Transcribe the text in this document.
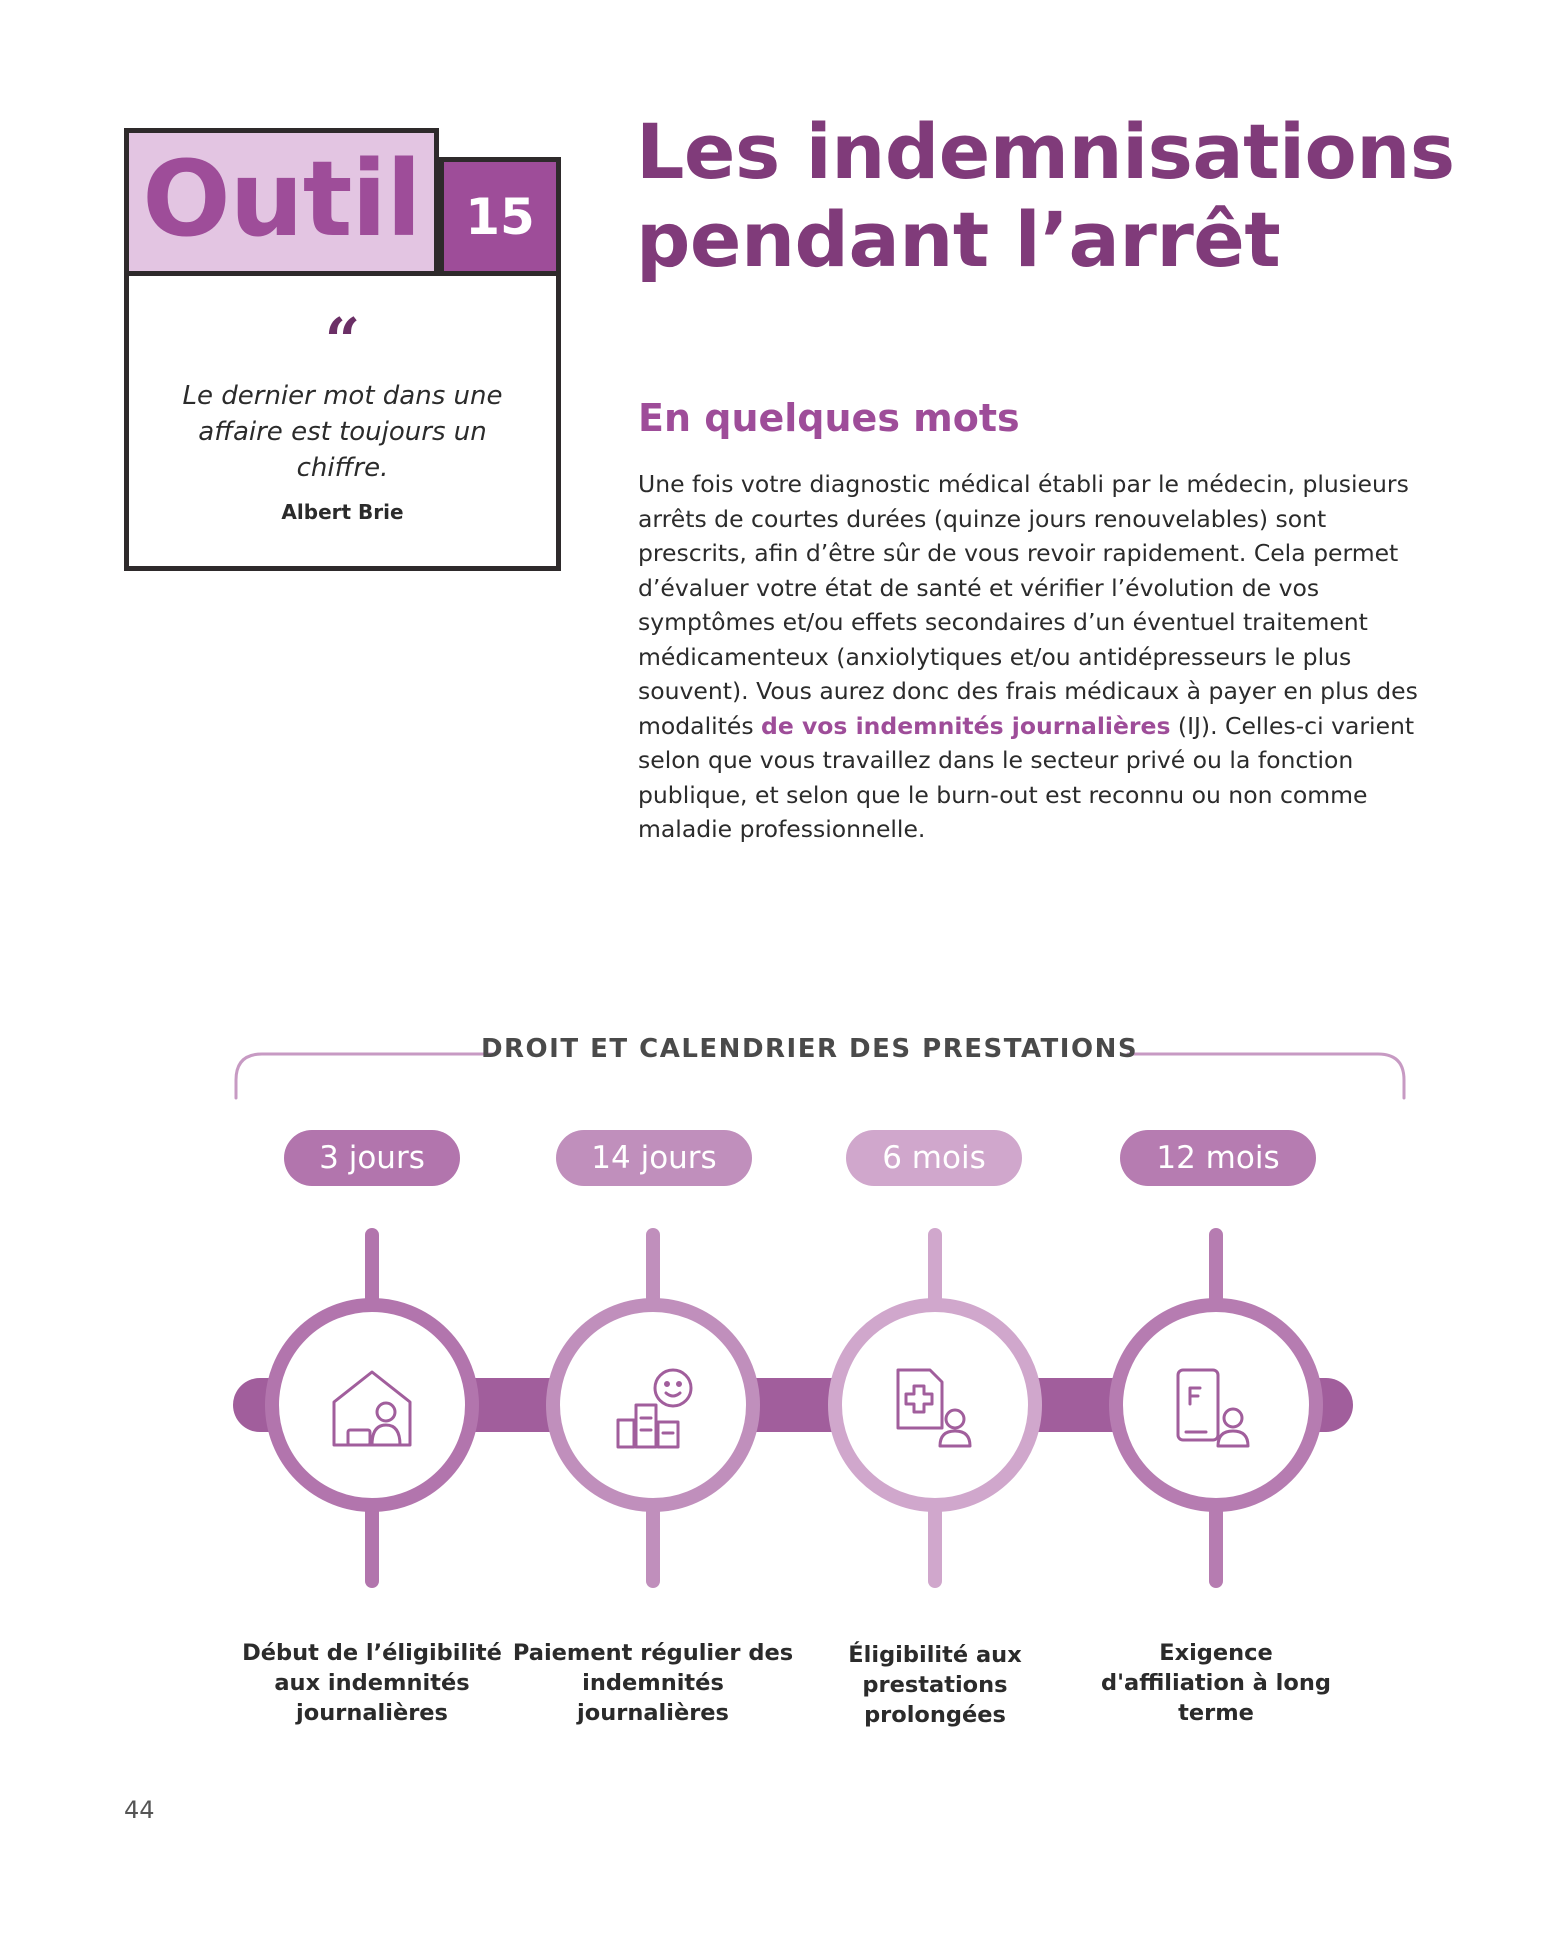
Outil 15
“
Le dernier mot dans une affaire est toujours un chiffre.
Albert Brie
Les indemnisations pendant l’arrêt
En quelques mots
Une fois votre diagnostic médical établi par le médecin, plusieurs arrêts de courtes durées (quinze jours renouvelables) sont prescrits, afin d’être sûr de vous revoir rapidement. Cela permet d’évaluer votre état de santé et vérifier l’évolution de vos symptômes et/ou effets secondaires d’un éventuel traitement médicamenteux (anxiolytiques et/ou antidépresseurs le plus souvent). Vous aurez donc des frais médicaux à payer en plus des modalités de vos indemnités journalières (IJ). Celles-ci varient selon que vous travaillez dans le secteur privé ou la fonction publique, et selon que le burn-out est reconnu ou non comme maladie professionnelle.
DROIT ET CALENDRIER DES PRESTATIONS
3 jours	14 jours	6 mois	12 mois
Début de l’éligibilité aux indemnités journalières
Paiement régulier des indemnités journalières
Éligibilité aux prestations prolongées
Exigence d'affiliation à long terme
44
